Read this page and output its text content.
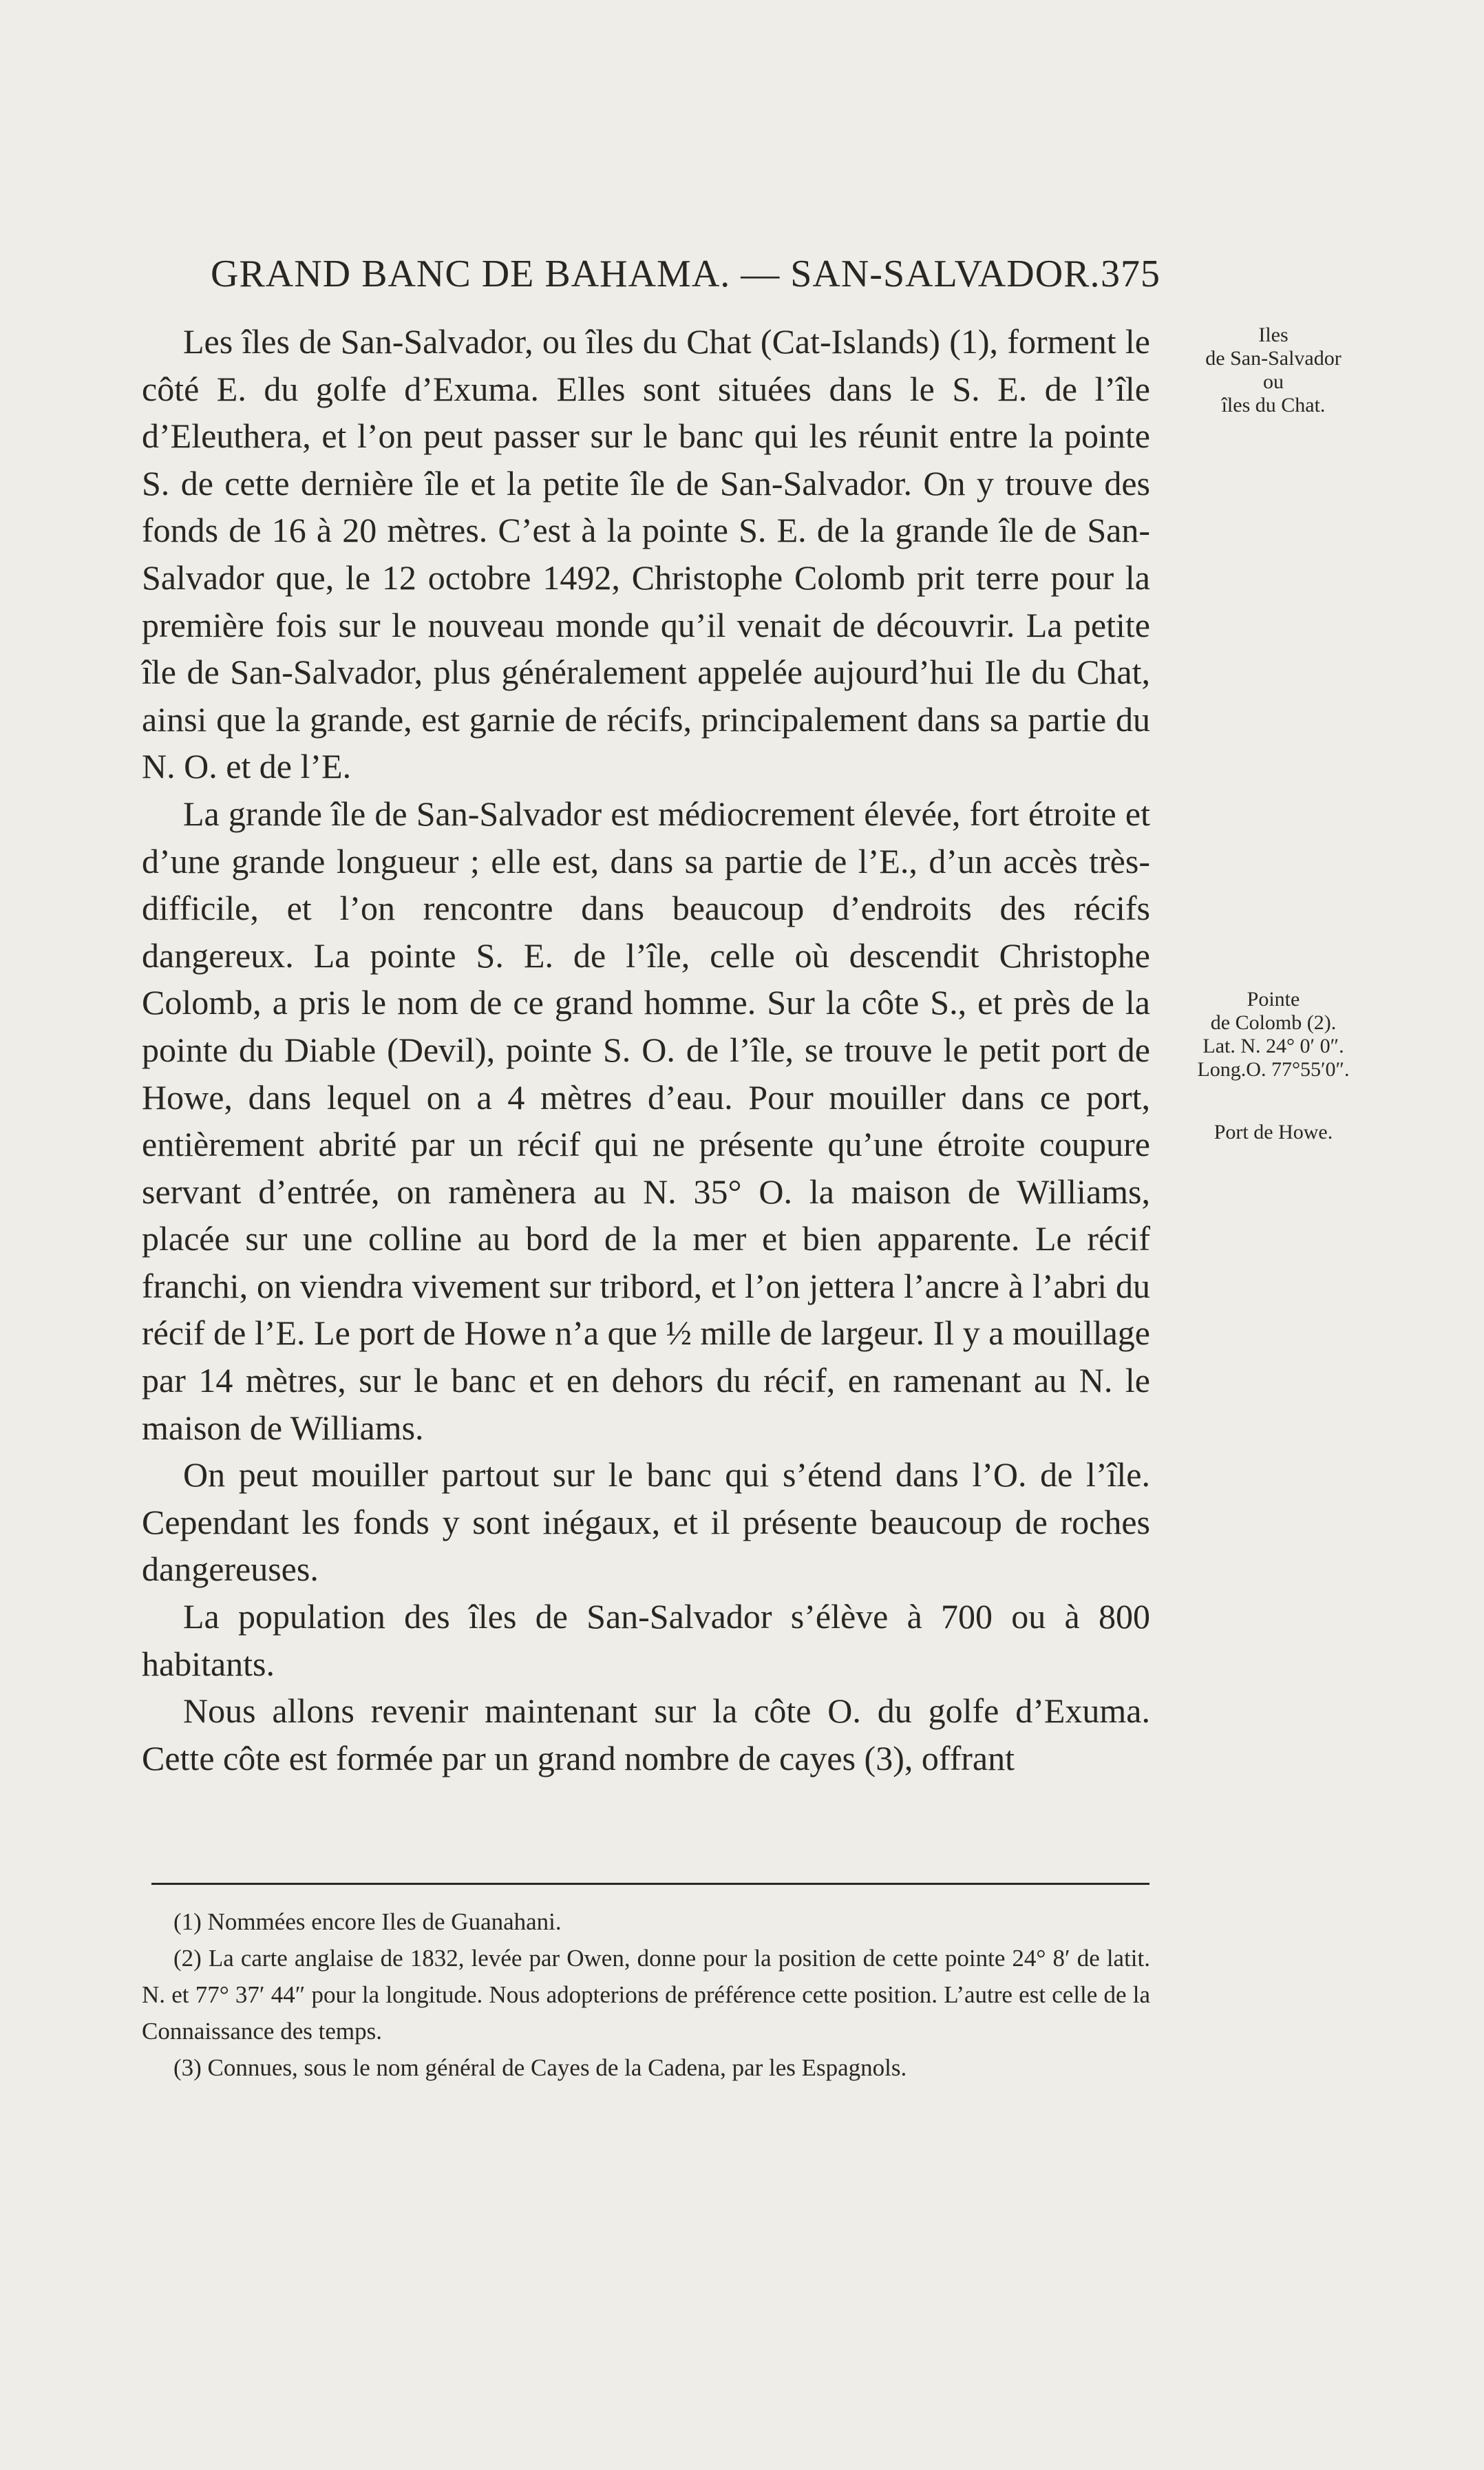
GRAND BANC DE BAHAMA. — SAN-SALVADOR. 375

Les îles de San-Salvador, ou îles du Chat (Cat-Islands) (1), forment le côté E. du golfe d’Exuma. Elles sont situées dans le S. E. de l’île d’Eleuthera, et l’on peut passer sur le banc qui les réunit entre la pointe S. de cette dernière île et la petite île de San-Salvador. On y trouve des fonds de 16 à 20 mètres. C’est à la pointe S. E. de la grande île de San-Salvador que, le 12 octobre 1492, Christophe Colomb prit terre pour la première fois sur le nouveau monde qu’il venait de découvrir. La petite île de San-Salvador, plus généralement appelée aujourd’hui Ile du Chat, ainsi que la grande, est garnie de récifs, principalement dans sa partie du N. O. et de l’E.

La grande île de San-Salvador est médiocrement élevée, fort étroite et d’une grande longueur ; elle est, dans sa partie de l’E., d’un accès très-difficile, et l’on rencontre dans beaucoup d’endroits des récifs dangereux. La pointe S. E. de l’île, celle où descendit Christophe Colomb, a pris le nom de ce grand homme. Sur la côte S., et près de la pointe du Diable (Devil), pointe S. O. de l’île, se trouve le petit port de Howe, dans lequel on a 4 mètres d’eau. Pour mouiller dans ce port, entièrement abrité par un récif qui ne présente qu’une étroite coupure servant d’entrée, on ramènera au N. 35° O. la maison de Williams, placée sur une colline au bord de la mer et bien apparente. Le récif franchi, on viendra vivement sur tribord, et l’on jettera l’ancre à l’abri du récif de l’E. Le port de Howe n’a que ½ mille de largeur. Il y a mouillage par 14 mètres, sur le banc et en dehors du récif, en ramenant au N. le maison de Williams.

On peut mouiller partout sur le banc qui s’étend dans l’O. de l’île. Cependant les fonds y sont inégaux, et il présente beaucoup de roches dangereuses.

La population des îles de San-Salvador s’élève à 700 ou à 800 habitants.

Nous allons revenir maintenant sur la côte O. du golfe d’Exuma. Cette côte est formée par un grand nombre de cayes (3), offrant

Iles
de San-Salvador
ou
îles du Chat.
Pointe
de Colomb (2).
Lat. N. 24° 0′ 0″.
Long.O. 77°55′0″.
Port de Howe.

(1) Nommées encore Iles de Guanahani.

(2) La carte anglaise de 1832, levée par Owen, donne pour la position de cette pointe 24° 8′ de latit. N. et 77° 37′ 44″ pour la longitude. Nous adopterions de préférence cette position. L’autre est celle de la Connaissance des temps.

(3) Connues, sous le nom général de Cayes de la Cadena, par les Espagnols.
